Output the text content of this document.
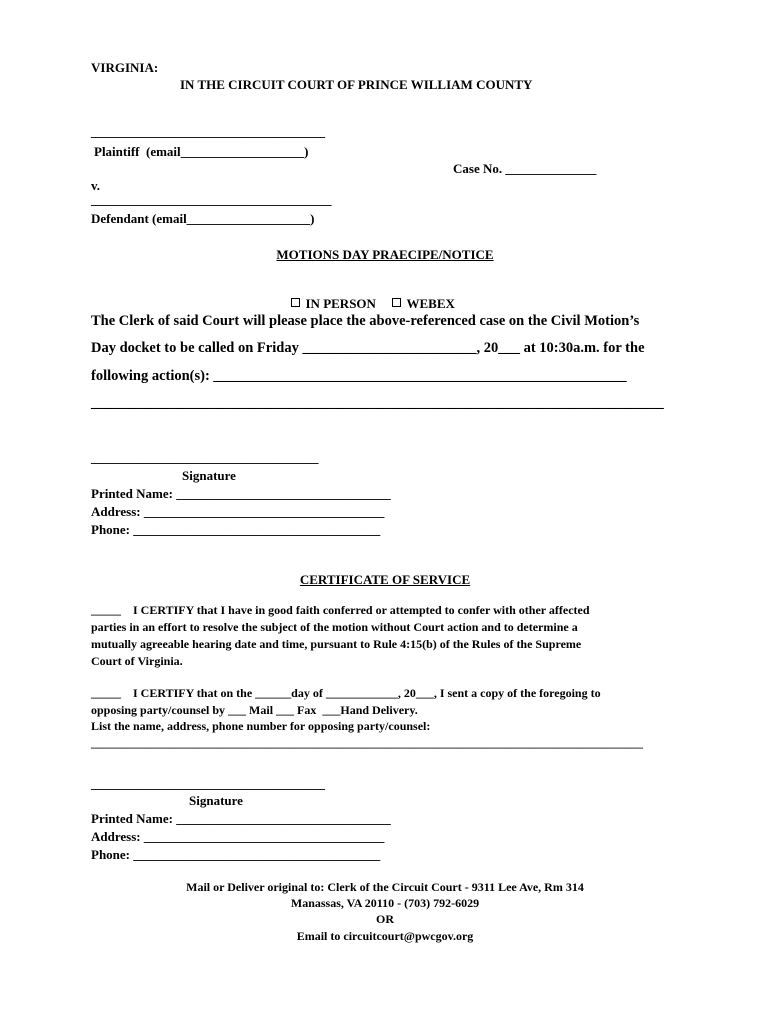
VIRGINIA:
IN THE CIRCUIT COURT OF PRINCE WILLIAM COUNTY
____________________________________
Plaintiff  (email___________________)
Case No. ______________
v.
_____________________________________
Defendant (email___________________)
MOTIONS DAY PRAECIPE/NOTICE

IN PERSON	WEBEX

The Clerk of said Court will please place the above-referenced case on the Civil Motion’s
Day docket to be called on Friday ________________________, 20___ at 10:30a.m. for the
following action(s): _________________________________________________________
_______________________________________________________________________________
___________________________________
Signature
Printed Name: _________________________________
Address: _____________________________________
Phone: ______________________________________
CERTIFICATE OF SERVICE
_____    I CERTIFY that I have in good faith conferred or attempted to confer with other affected
parties in an effort to resolve the subject of the motion without Court action and to determine a
mutually agreeable hearing date and time, pursuant to Rule 4:15(b) of the Rules of the Supreme
Court of Virginia.
_____    I CERTIFY that on the ______day of ____________, 20___, I sent a copy of the foregoing to
opposing party/counsel by ___ Mail ___ Fax  ___Hand Delivery.
List the name, address, phone number for opposing party/counsel:
____________________________________________________________________________________________
____________________________________
Signature
Printed Name: _________________________________
Address: _____________________________________
Phone: ______________________________________
Mail or Deliver original to: Clerk of the Circuit Court - 9311 Lee Ave, Rm 314
Manassas, VA 20110 - (703) 792-6029
OR
Email to circuitcourt@pwcgov.org
